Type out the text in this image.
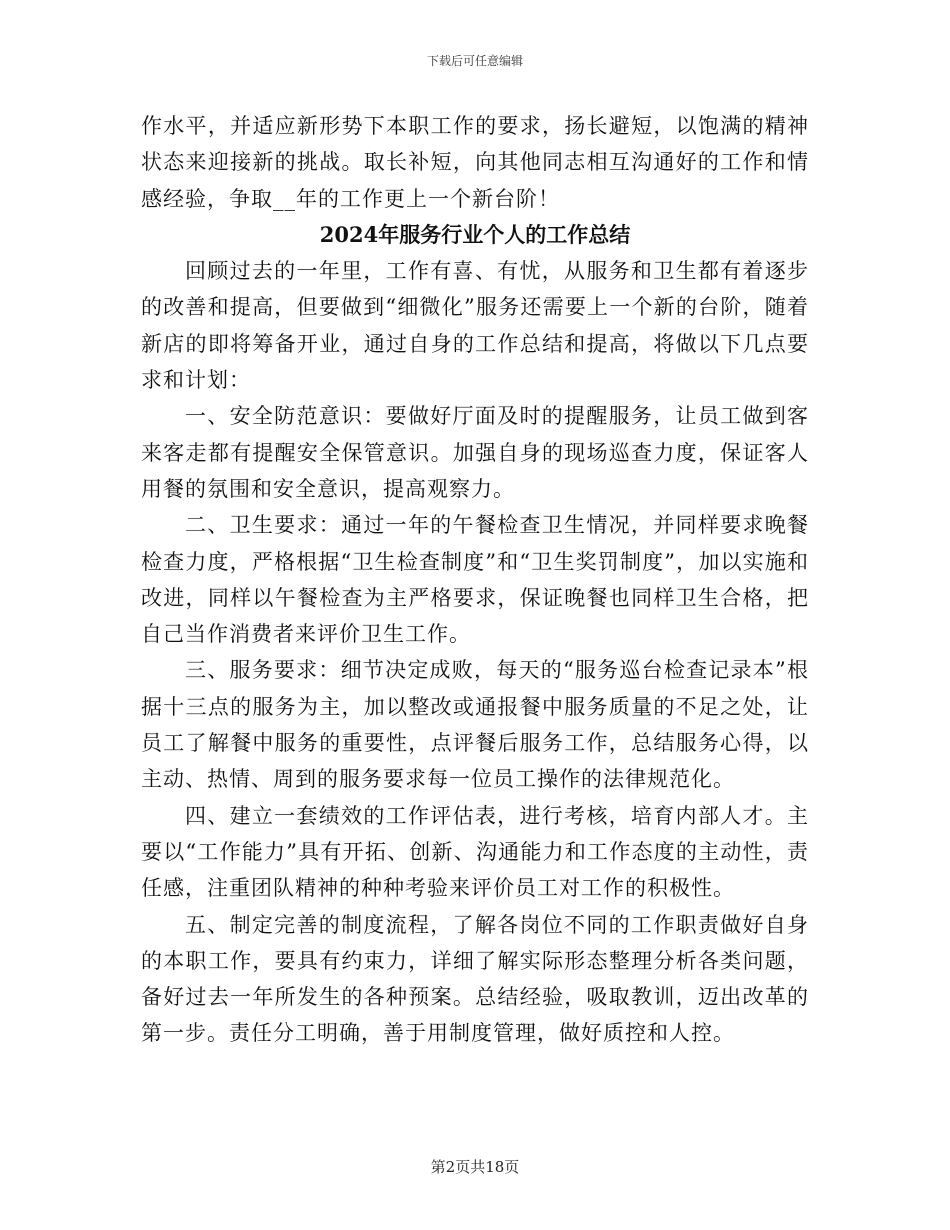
下载后可任意编辑

作水平，并适应新形势下本职工作的要求，扬长避短，以饱满的精神状态来迎接新的挑战。取长补短，向其他同志相互沟通好的工作和情感经验，争取__年的工作更上一个新台阶！

2024年服务行业个人的工作总结

回顾过去的一年里，工作有喜、有忧，从服务和卫生都有着逐步的改善和提高，但要做到“细微化”服务还需要上一个新的台阶，随着新店的即将筹备开业，通过自身的工作总结和提高，将做以下几点要求和计划：

一、安全防范意识：要做好厅面及时的提醒服务，让员工做到客来客走都有提醒安全保管意识。加强自身的现场巡查力度，保证客人用餐的氛围和安全意识，提高观察力。

二、卫生要求：通过一年的午餐检查卫生情况，并同样要求晚餐检查力度，严格根据“卫生检查制度”和“卫生奖罚制度”，加以实施和改进，同样以午餐检查为主严格要求，保证晚餐也同样卫生合格，把自己当作消费者来评价卫生工作。

三、服务要求：细节决定成败，每天的“服务巡台检查记录本”根据十三点的服务为主，加以整改或通报餐中服务质量的不足之处，让员工了解餐中服务的重要性，点评餐后服务工作，总结服务心得，以主动、热情、周到的服务要求每一位员工操作的法律规范化。

四、建立一套绩效的工作评估表，进行考核，培育内部人才。主要以“工作能力”具有开拓、创新、沟通能力和工作态度的主动性，责任感，注重团队精神的种种考验来评价员工对工作的积极性。

五、制定完善的制度流程，了解各岗位不同的工作职责做好自身的本职工作，要具有约束力，详细了解实际形态整理分析各类问题，备好过去一年所发生的各种预案。总结经验，吸取教训，迈出改革的第一步。责任分工明确，善于用制度管理，做好质控和人控。

第2页共18页
